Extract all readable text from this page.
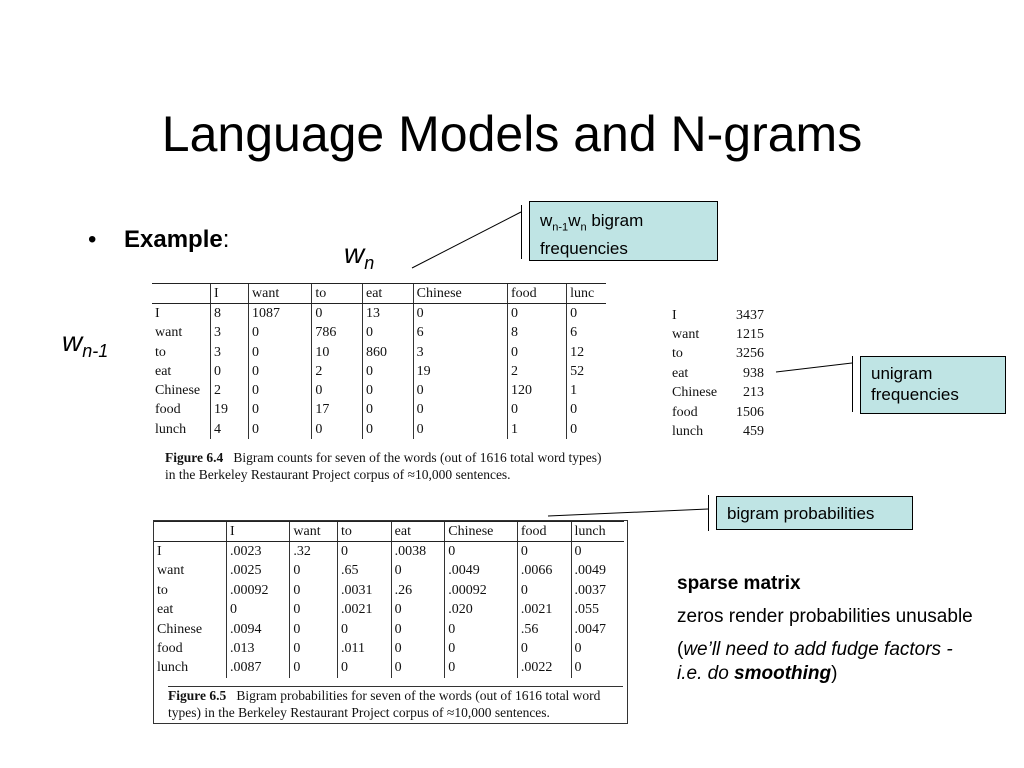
Language Models and N-grams
• Example:	$w_n$
$w_{n-1}$
$w_{n-1}w_n$ bigram
frequencies
unigram
frequencies
bigram probabilities
	I	want	to	eat	Chinese	food	lunc
I	8	1087	0	13	0	0	0
want	3	0	786	0	6	8	6
to	3	0	10	860	3	0	12
eat	0	0	2	0	19	2	52
Chinese	2	0	0	0	0	120	1
food	19	0	17	0	0	0	0
lunch	4	0	0	0	0	1	0
Figure 6.4 Bigram counts for seven of the words (out of 1616 total word types) in the Berkeley Restaurant Project corpus of ≈10,000 sentences.
I	3437
want	1215
to	3256
eat	938
Chinese	213
food	1506
lunch	459
	I	want	to	eat	Chinese	food	lunch
I	.0023	.32	0	.0038	0	0	0
want	.0025	0	.65	0	.0049	.0066	.0049
to	.00092	0	.0031	.26	.00092	0	.0037
eat	0	0	.0021	0	.020	.0021	.055
Chinese	.0094	0	0	0	0	.56	.0047
food	.013	0	.011	0	0	0	0
lunch	.0087	0	0	0	0	.0022	0
Figure 6.5 Bigram probabilities for seven of the words (out of 1616 total word types) in the Berkeley Restaurant Project corpus of ≈10,000 sentences.

sparse matrix

zeros render probabilities unusable

(we’ll need to add fudge factors - i.e. do smoothing)
